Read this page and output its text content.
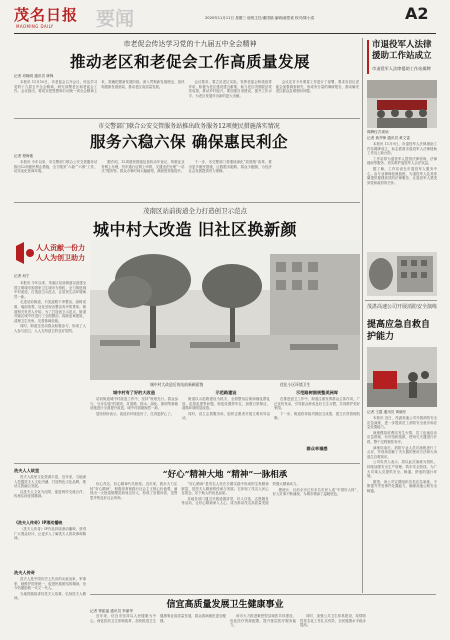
茂名日报
MAOMING DAILY 要闻	2020年11月11日 星期三 值班主任/谢国瑞 编辑/谢思欢 校对/陈小清	A2
市老促会传达学习党的十九届五中全会精神
推动老区和老促会工作高质量发展
记者 邓晓明 通讯员 林锋

本报讯 11月10日，市老促会召开会议，传达学习党的十九届五中全会精神，研究部署老区和老促会工作。会议指出，要切实把思想和行动统一到全会精神上来，准确把握新发展阶段、深入贯彻新发展理念、加快构建新发展格局，推动老区高质量发展。

会议要求，要立足老区实际，发挥老促会桥梁纽带作用，积极为老区建设建言献策，助力老区巩固脱贫攻坚成果，推动乡村振兴。要加强自身建设，提升工作水平，为老区发展作出新的更大贡献。

会议还对今冬明春工作进行了部署，要求各县区老促会加强调查研究，形成有分量的调研报告，推动解决老区群众急难愁盼问题。

市交警部门联合公安交管服务站推出政务服务12项便民措施落实情况
服务六稳六保 确保惠民利企
记者 程海艳

本报讯 今年以来，市交警部门联合公安交管服务站推出12项便民利企措施，全力服务“六稳”“六保”工作，切实优化营商环境。

据介绍，12项便民措施包括机动车登记、驾驶证业务网上办理，货车通行证网上申领，交通违法处理“一站式”服务等。群众办事时间大幅缩短，满意度持续提升。

下一步，市交警部门将继续深化“放管服”改革，推出更多便民措施，让数据多跑路、群众少跑腿，为经济社会发展提供有力保障。

茂南区站前街道全力打造创卫示范点
城中村大改造 旧社区换新颜
人人贡献一份力
人人为创卫助力
记者 何宁

本报讯 今年以来，茂南区站前街道以创建全国文明城市和国家卫生城市为契机，全力推进城中村改造，打造创卫示范点，让居民生活环境焕然一新。

走进站前街道，只见道路干净整洁，绿树成荫，墙面美观，处处呈现出整洁有序的景象。街道相关负责人介绍，为了打造创卫示范点，街道对辖区城中村进行了全面整治，拆除违章建筑，清理卫生死角，完善基础设施。

同时，街道还发动群众积极参与，形成了人人参与创卫、人人支持创卫的良好氛围。

城中村大改造后的站前新颜面貌	优化小区环境卫生
城中村有了好的大改造

站前街道城中村改造工作中，坚持“规划先行、群众参与、分步实施”的原则，对道路、排水、绿化、照明等基础设施进行全面提升改造，城中村面貌焕然一新。

居民纷纷表示，改造后环境变好了，住得更舒心了。

示范路建设

街道以示范路建设为抓手，全面整治沿街商铺乱摆乱放、乱搭乱建等问题，规范设置停车位，加强日常保洁，道路环境明显改善。

同时，设立志愿服务岗，组织志愿者开展文明劝导活动。

示范路树据规整美洲库

在推进创卫工作中，街道注重发挥群众主体作用，广泛宣传发动，引导群众养成良好卫生习惯，共同维护美好家园。

下一步，街道将持续巩固创卫成果，建立长效管理机制。

群众幸福感
冼夫人人故里

冼夫人故里文化资源丰富，近年来，当地深入挖掘冼夫人文化内涵，打造特色文化品牌，推动文旅融合发展。

以冼夫人文化为纽带，促进两岸交流合作，传承弘扬爱国精神。

《冼夫人传奇》IP滚动播映

《冼夫人传奇》IP作品持续滚动播映，获得广大观众好评，让更多人了解冼夫人的故事和精神。

冼夫人传奇

冼夫人是中国历史上杰出的女政治家、军事家，她维护国家统一、促进民族团结的精神，至今仍激励着一代又一代人。

当地将继续讲好冼夫人故事，弘扬冼夫人精神。

“好心”精神大地 “精神”一脉相承

好心茂名，好心精神代代相传。近年来，我市大力弘扬“好心精神”，积极培育和践行社会主义核心价值观，涌现出一大批道德模范和身边好人，形成了崇德向善、见贤思齐的良好社会风尚。

“好心精神”是茂名人民在长期实践中形成的宝贵精神财富，是冼夫人精神的传承与发展。它体现了茂名人民心存善念、乐于助人的优良品质。

各地各部门通过开展道德讲堂、好人评选、志愿服务等活动，让好心精神深入人心，成为推动茂名高质量发展的强大精神动力。

据统计，目前全市已有多名市民入选“中国好人榜”，好人好事不断涌现，为城市增添了温暖底色。

信宜高质量发展卫生健康事业
记者 钟振福 通讯员 李丽华

近年来，信宜市坚持以人民健康为中心，深化医药卫生体制改革，加快推进卫生健康事业高质量发展，群众看病就医更加便捷。

该市大力推进紧密型县域医共体建设，优化医疗资源配置，提升基层医疗服务能力。

同时，加强公共卫生体系建设，疫情防控常态化工作扎实有效，全民健康水平稳步提高。

市退役军人法律援助工作站成立
市退役军人法律援助工作站揭牌
揭牌仪式现场
记者 黄齐锋 通讯员 黄文雷

本报讯 11月9日，市退役军人法律援助工作站揭牌成立，标志着我市退役军人法律援助工作迈上新台阶。

工作站将为退役军人提供法律咨询、法律援助等服务，切实维护退役军人合法权益。

据了解，工作站设在市退役军人服务中心，由专业律师轮流值班，为退役军人及其家属提供便捷高效的法律服务，让退役军人感受到党和政府的关怀。

茂湛高速公司开展消防安全演练
提高应急自救自护能力
记者 王霞 通讯员 黄晓东

本报讯 近日，茂湛高速公司开展消防安全应急演练，进一步提高员工消防安全意识和应急处置能力。

演练模拟收费站发生火情，员工迅速启动应急预案，有序组织疏散，使用灭火器进行扑救，整个过程紧张有序。

演练结束后，消防专业人员对演练进行了点评，并现场讲解了灭火器的使用方法和火场逃生自救知识。

公司负责人表示，将以此次演练为契机，持续加强安全生产管理，筑牢安全防线，为广大司乘人员提供安全、畅通、舒适的通行环境。

据悉，该公司定期组织各类应急演练，不断提升突发事件处置能力，确保高速公路安全畅通。
